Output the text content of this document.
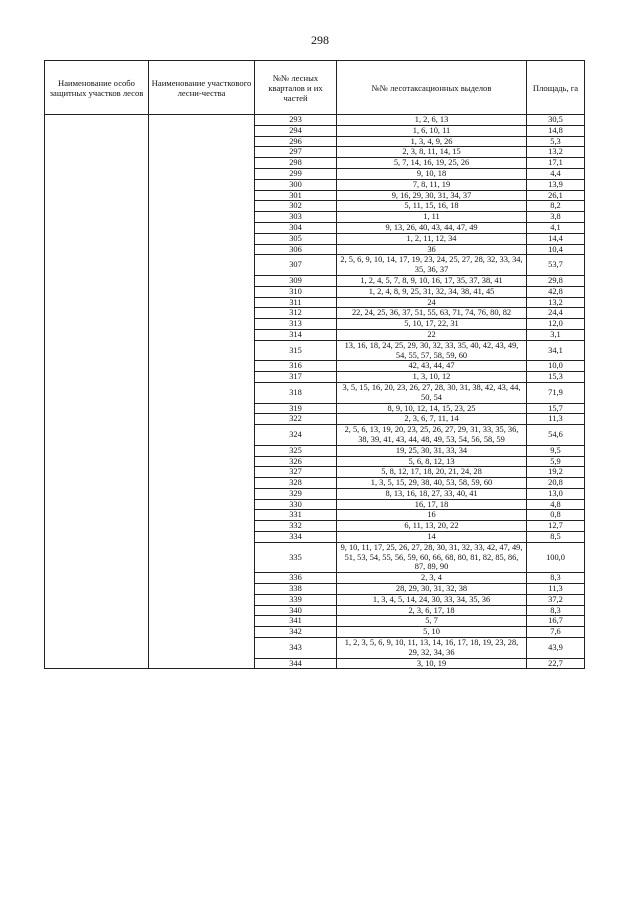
298
Наименование особо защитных участков лесов	Наименование участкового лесни-чества	№№ лесных кварталов и их частей	№№ лесотаксационных выделов	Площадь, га
		293	1, 2, 6, 13	30,5
		294	1, 6, 10, 11	14,8
		296	1, 3, 4, 9, 26	5,3
		297	2, 3, 8, 11, 14, 15	13,2
		298	5, 7, 14, 16, 19, 25, 26	17,1
		299	9, 10, 18	4,4
		300	7, 8, 11, 19	13,9
		301	9, 16, 29, 30, 31, 34, 37	26,1
		302	5, 11, 15, 16, 18	8,2
		303	1, 11	3,8
		304	9, 13, 26, 40, 43, 44, 47, 49	4,1
		305	1, 2, 11, 12, 34	14,4
		306	36	10,4
		307	2, 5, 6, 9, 10, 14, 17, 19, 23, 24, 25, 27, 28, 32, 33, 34, 35, 36, 37	53,7
		309	1, 2, 4, 5, 7, 8, 9, 10, 16, 17, 35, 37, 38, 41	29,8
		310	1, 2, 4, 8, 9, 25, 31, 32, 34, 38, 41, 45	42,8
		311	24	13,2
		312	22, 24, 25, 36, 37, 51, 55, 63, 71, 74, 76, 80, 82	24,4
		313	5, 10, 17, 22, 31	12,0
		314	22	3,1
		315	13, 16, 18, 24, 25, 29, 30, 32, 33, 35, 40, 42, 43, 49, 54, 55, 57, 58, 59, 60	34,1
		316	42, 43, 44, 47	10,0
		317	1, 3, 10, 12	15,3
		318	3, 5, 15, 16, 20, 23, 26, 27, 28, 30, 31, 38, 42, 43, 44, 50, 54	71,9
		319	8, 9, 10, 12, 14, 15, 23, 25	15,7
		322	2, 3, 6, 7, 11, 14	11,3
		324	2, 5, 6, 13, 19, 20, 23, 25, 26, 27, 29, 31, 33, 35, 36, 38, 39, 41, 43, 44, 48, 49, 53, 54, 56, 58, 59	54,6
		325	19, 25, 30, 31, 33, 34	9,5
		326	5, 6, 8, 12, 13	5,9
		327	5, 8, 12, 17, 18, 20, 21, 24, 28	19,2
		328	1, 3, 5, 15, 29, 38, 40, 53, 58, 59, 60	20,8
		329	8, 13, 16, 18, 27, 33, 40, 41	13,0
		330	16, 17, 18	4,8
		331	16	0,8
		332	6, 11, 13, 20, 22	12,7
		334	14	8,5
		335	9, 10, 11, 17, 25, 26, 27, 28, 30, 31, 32, 33, 42, 47, 49, 51, 53, 54, 55, 56, 59, 60, 66, 68, 80, 81, 82, 85, 86, 87, 89, 90	100,0
		336	2, 3, 4	8,3
		338	28, 29, 30, 31, 32, 38	11,3
		339	1, 3, 4, 5, 14, 24, 30, 33, 34, 35, 36	37,2
		340	2, 3, 6, 17, 18	8,3
		341	5, 7	16,7
		342	5, 10	7,6
		343	1, 2, 3, 5, 6, 9, 10, 11, 13, 14, 16, 17, 18, 19, 23, 28, 29, 32, 34, 36	43,9
		344	3, 10, 19	22,7
